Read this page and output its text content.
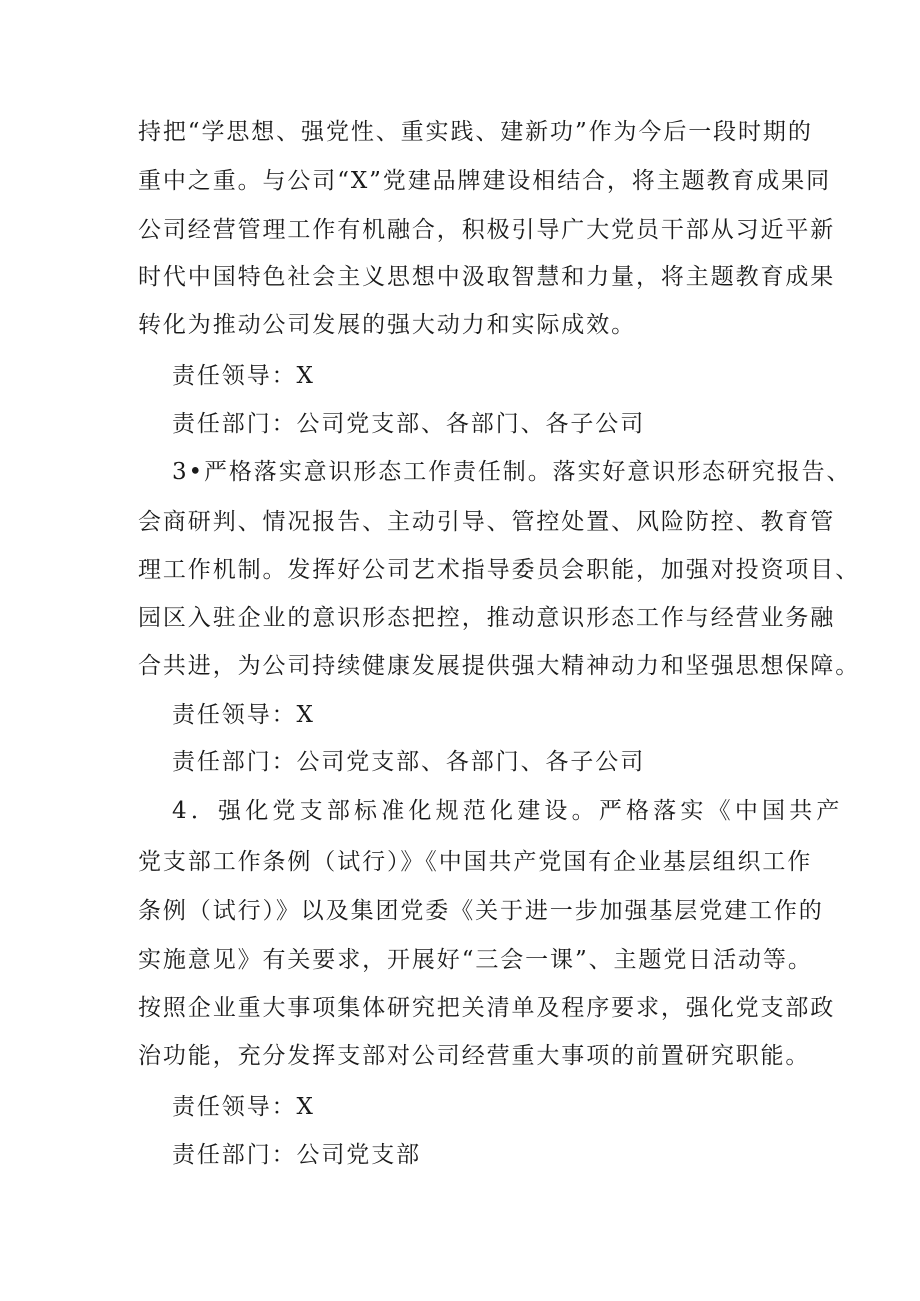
持把“学思想、强党性、重实践、建新功”作为今后一段时期的
重中之重。与公司“X”党建品牌建设相结合，将主题教育成果同
公司经营管理工作有机融合，积极引导广大党员干部从习近平新
时代中国特色社会主义思想中汲取智慧和力量，将主题教育成果
转化为推动公司发展的强大动力和实际成效。
责任领导：X
责任部门：公司党支部、各部门、各子公司
3•严格落实意识形态工作责任制。落实好意识形态研究报告、
会商研判、情况报告、主动引导、管控处置、风险防控、教育管
理工作机制。发挥好公司艺术指导委员会职能，加强对投资项目、
园区入驻企业的意识形态把控，推动意识形态工作与经营业务融
合共进，为公司持续健康发展提供强大精神动力和坚强思想保障。
责任领导：X
责任部门：公司党支部、各部门、各子公司
4．强化党支部标准化规范化建设。严格落实《中国共产
党支部工作条例（试行）》《中国共产党国有企业基层组织工作
条例（试行）》以及集团党委《关于进一步加强基层党建工作的
实施意见》有关要求，开展好“三会一课”、主题党日活动等。
按照企业重大事项集体研究把关清单及程序要求，强化党支部政
治功能，充分发挥支部对公司经营重大事项的前置研究职能。
责任领导：X
责任部门：公司党支部
